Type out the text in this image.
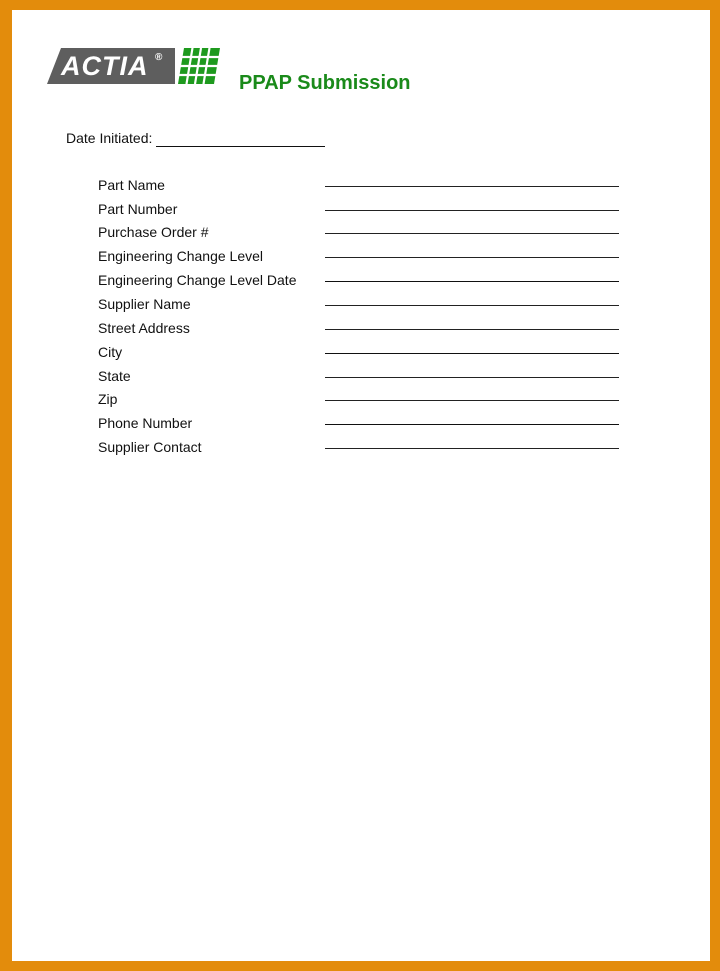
ACTIA ®
PPAP Submission
Date Initiated:
Part Name
Part Number
Purchase Order #
Engineering Change Level
Engineering Change Level Date
Supplier Name
Street Address
City
State
Zip
Phone Number
Supplier Contact
